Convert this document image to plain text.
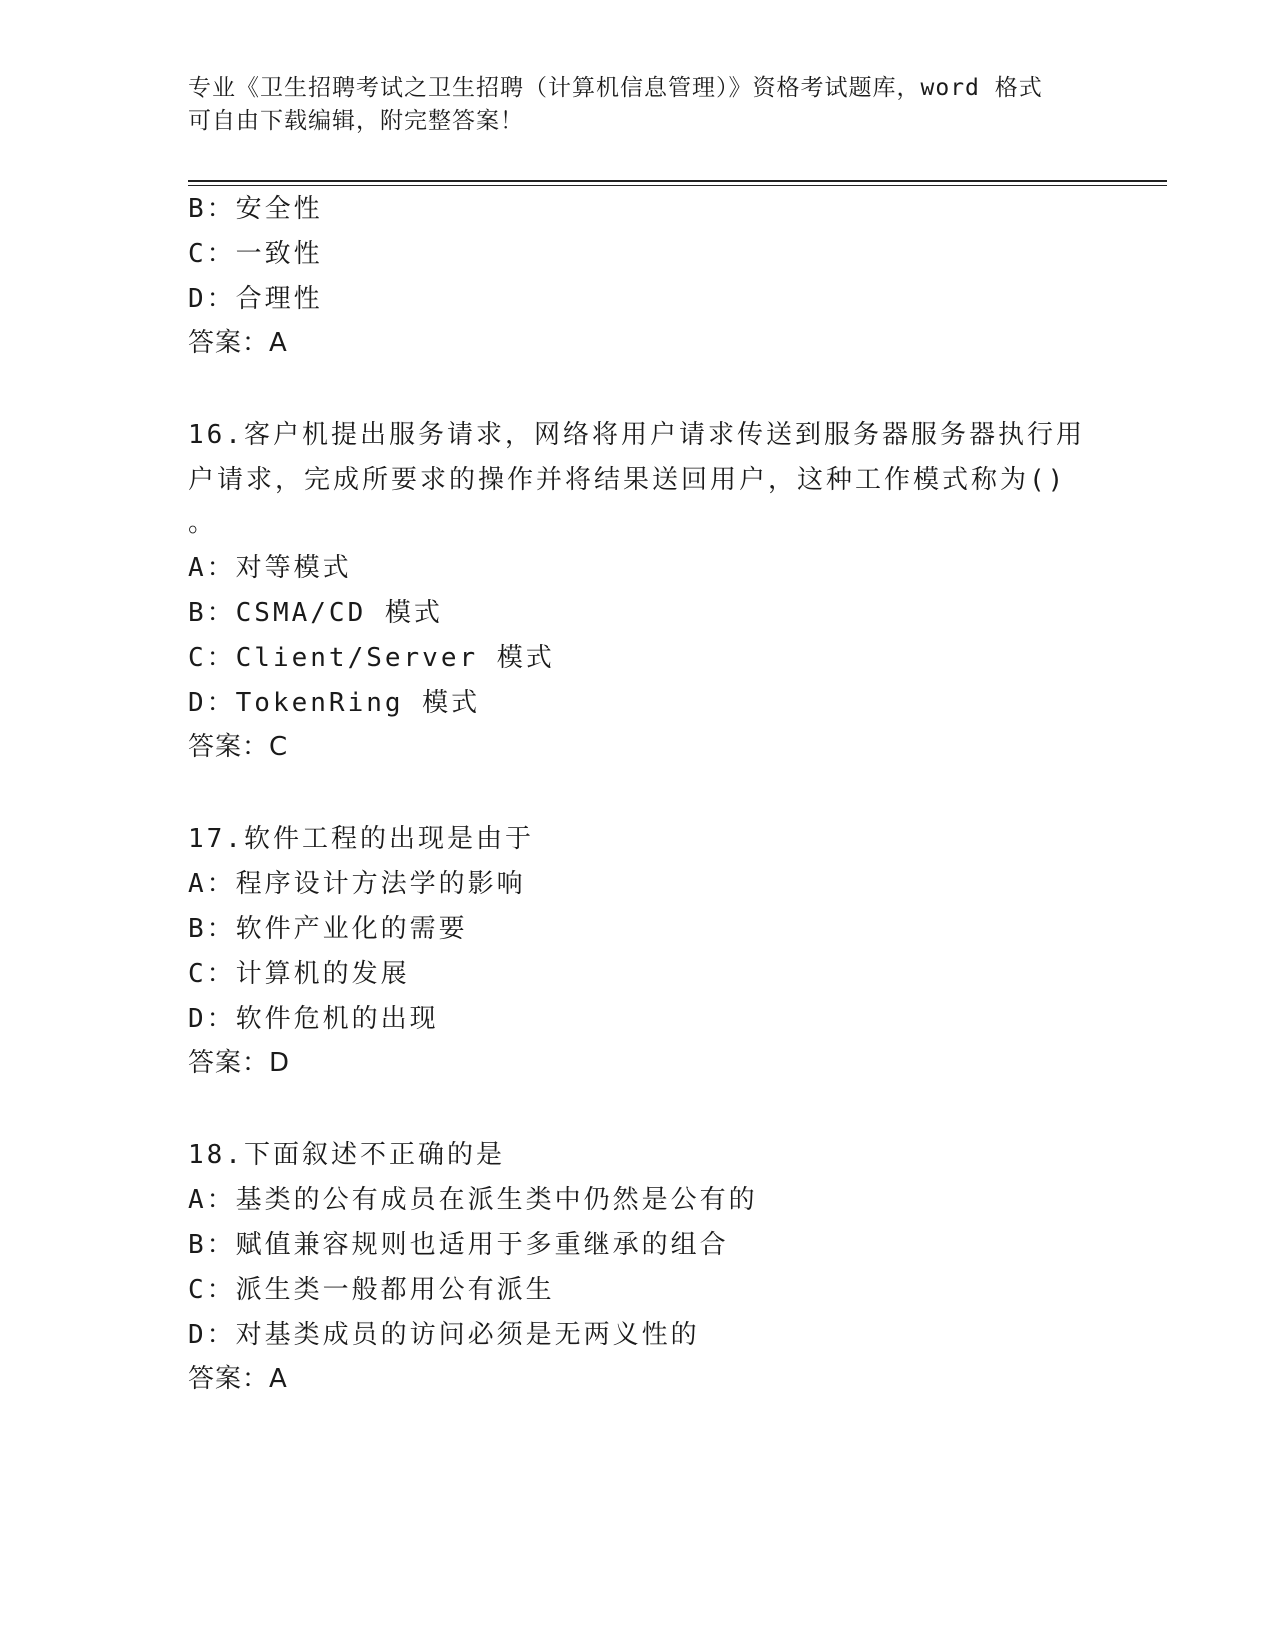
专业《卫生招聘考试之卫生招聘（计算机信息管理）》资格考试题库，word 格式
可自由下载编辑，附完整答案！
B：安全性
C：一致性
D：合理性
答案：A
16.客户机提出服务请求，网络将用户请求传送到服务器服务器执行用
户请求，完成所要求的操作并将结果送回用户，这种工作模式称为()
。
A：对等模式
B：CSMA/CD 模式
C：Client/Server 模式
D：TokenRing 模式
答案：C
17.软件工程的出现是由于
A：程序设计方法学的影响
B：软件产业化的需要
C：计算机的发展
D：软件危机的出现
答案：D
18.下面叙述不正确的是
A：基类的公有成员在派生类中仍然是公有的
B：赋值兼容规则也适用于多重继承的组合
C：派生类一般都用公有派生
D：对基类成员的访问必须是无两义性的
答案：A
